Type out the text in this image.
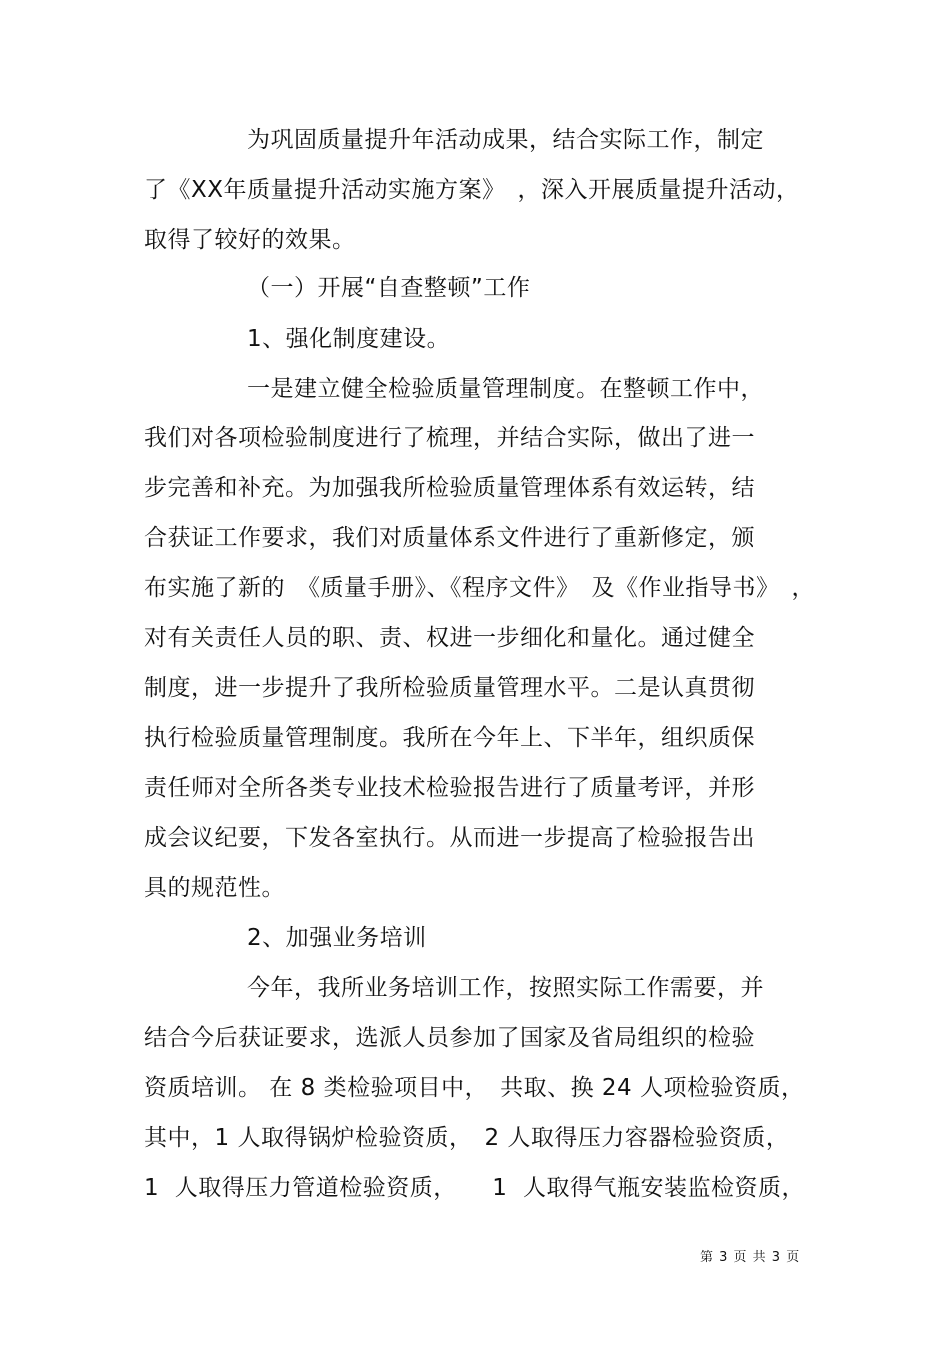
为巩固质量提升年活动成果，结合实际工作，制定
了《XX年质量提升活动实施方案》　，深入开展质量提升活动，
取得了较好的效果。
（一）开展“自查整顿”工作
1、强化制度建设。
一是建立健全检验质量管理制度。在整顿工作中，
我们对各项检验制度进行了梳理，并结合实际，做出了进一
步完善和补充。为加强我所检验质量管理体系有效运转，结
合获证工作要求，我们对质量体系文件进行了重新修定，颁
布实施了新的　《质量手册》、《程序文件》　及《作业指导书》　，
对有关责任人员的职、责、权进一步细化和量化。通过健全
制度，进一步提升了我所检验质量管理水平。二是认真贯彻
执行检验质量管理制度。我所在今年上、下半年，组织质保
责任师对全所各类专业技术检验报告进行了质量考评，并形
成会议纪要，下发各室执行。从而进一步提高了检验报告出
具的规范性。
2、加强业务培训
今年，我所业务培训工作，按照实际工作需要，并
结合今后获证要求，选派人员参加了国家及省局组织的检验
资质培训。 在 8 类检验项目中，　共取、换 24 人项检验资质，
其中，1 人取得锅炉检验资质，　2 人取得压力容器检验资质，
1  人取得压力管道检验资质，　　1  人取得气瓶安装监检资质，
第 3 页 共 3 页
